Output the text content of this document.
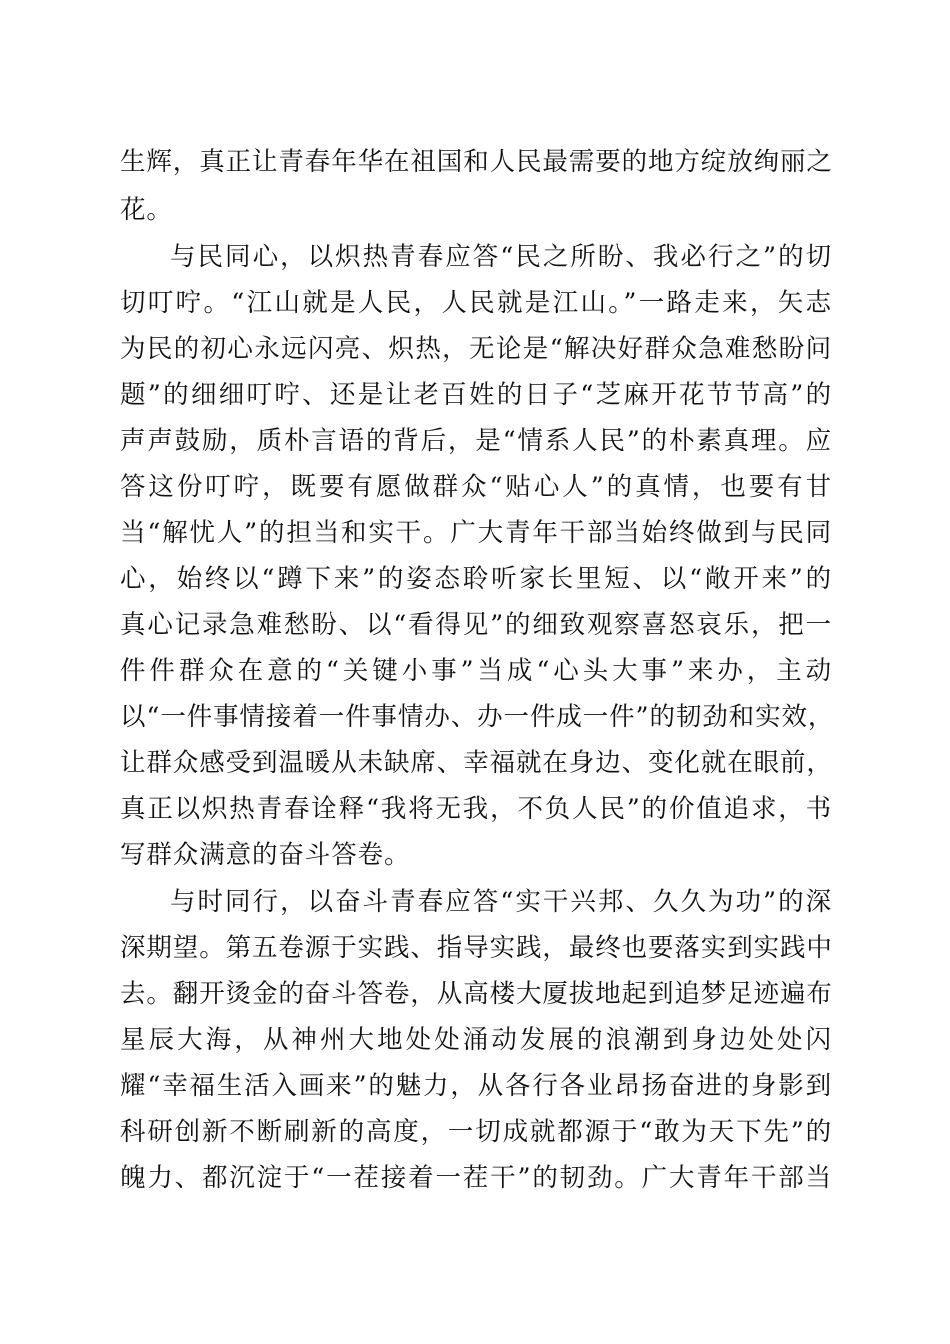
生辉，真正让青春年华在祖国和人民最需要的地方绽放绚丽之

花。

与民同心，以炽热青春应答“民之所盼、我必行之”的切

切叮咛。“江山就是人民，人民就是江山。”一路走来，矢志

为民的初心永远闪亮、炽热，无论是“解决好群众急难愁盼问

题”的细细叮咛、还是让老百姓的日子“芝麻开花节节高”的

声声鼓励，质朴言语的背后，是“情系人民”的朴素真理。应

答这份叮咛，既要有愿做群众“贴心人”的真情，也要有甘

当“解忧人”的担当和实干。广大青年干部当始终做到与民同

心，始终以“蹲下来”的姿态聆听家长里短、以“敞开来”的

真心记录急难愁盼、以“看得见”的细致观察喜怒哀乐，把一

件件群众在意的“关键小事”当成“心头大事”来办，主动

以“一件事情接着一件事情办、办一件成一件”的韧劲和实效，

让群众感受到温暖从未缺席、幸福就在身边、变化就在眼前，

真正以炽热青春诠释“我将无我，不负人民”的价值追求，书

写群众满意的奋斗答卷。

与时同行，以奋斗青春应答“实干兴邦、久久为功”的深

深期望。第五卷源于实践、指导实践，最终也要落实到实践中

去。翻开烫金的奋斗答卷，从高楼大厦拔地起到追梦足迹遍布

星辰大海，从神州大地处处涌动发展的浪潮到身边处处闪

耀“幸福生活入画来”的魅力，从各行各业昂扬奋进的身影到

科研创新不断刷新的高度，一切成就都源于“敢为天下先”的

魄力、都沉淀于“一茬接着一茬干”的韧劲。广大青年干部当
